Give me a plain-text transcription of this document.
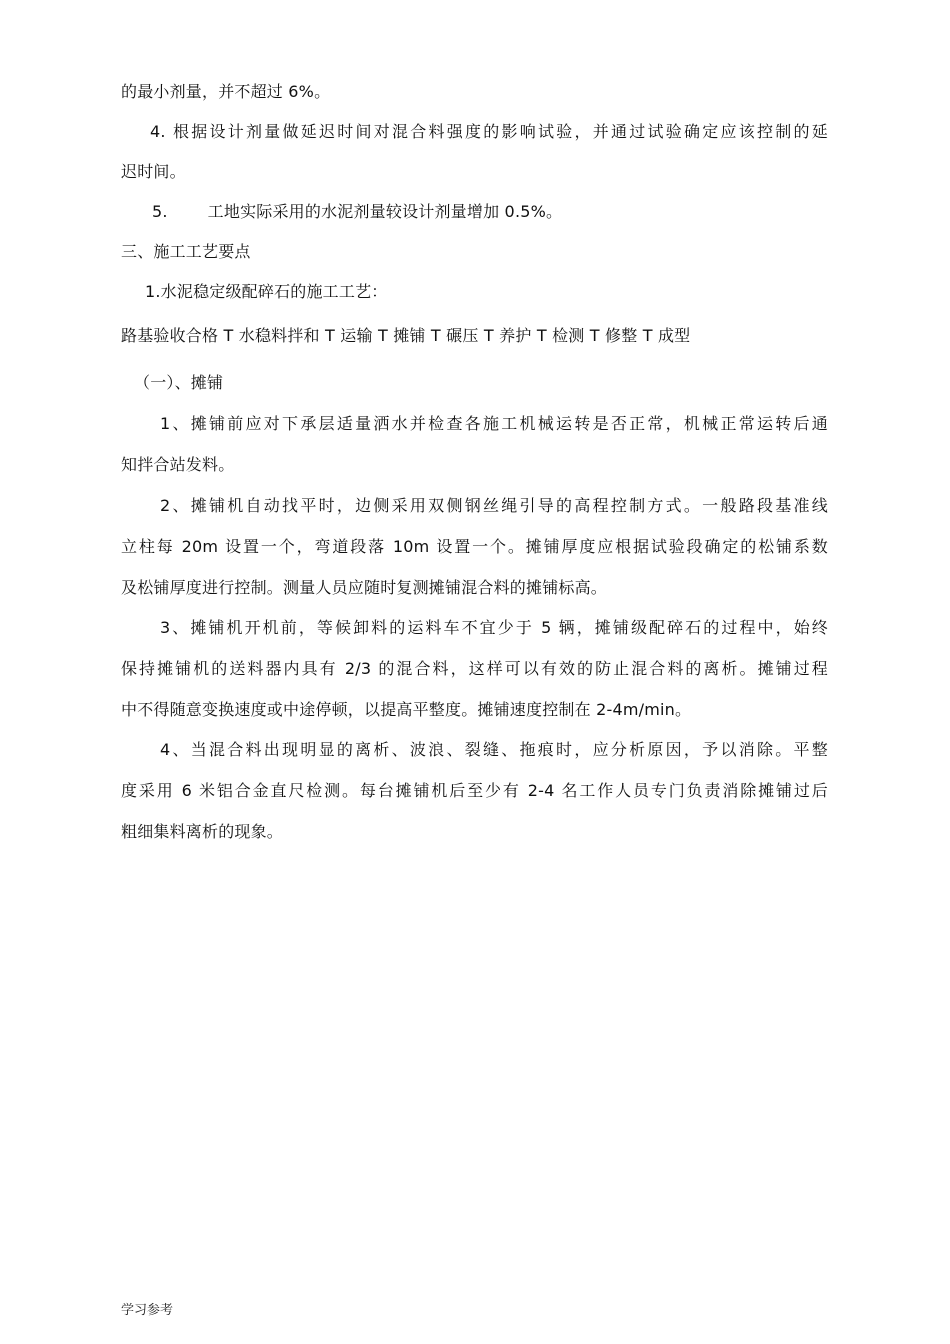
的最小剂量，并不超过 6%。
4. 根据设计剂量做延迟时间对混合料强度的影响试验，并通过试验确定应该控制的延
迟时间。
5.	工地实际采用的水泥剂量较设计剂量增加 0.5%。
三、施工工艺要点
1.水泥稳定级配碎石的施工工艺：
路基验收合格 T 水稳料拌和 T 运输 T 摊铺 T 碾压 T 养护 T 检测 T 修整 T 成型
（一）、摊铺
1、摊铺前应对下承层适量洒水并检查各施工机械运转是否正常，机械正常运转后通
知拌合站发料。
2、摊铺机自动找平时，边侧采用双侧钢丝绳引导的高程控制方式。一般路段基准线
立柱每 20m 设置一个，弯道段落 10m 设置一个。摊铺厚度应根据试验段确定的松铺系数
及松铺厚度进行控制。测量人员应随时复测摊铺混合料的摊铺标高。
3、摊铺机开机前，等候卸料的运料车不宜少于 5 辆，摊铺级配碎石的过程中，始终
保持摊铺机的送料器内具有 2/3 的混合料，这样可以有效的防止混合料的离析。摊铺过程
中不得随意变换速度或中途停顿，以提高平整度。摊铺速度控制在 2-4m/min。
4、当混合料出现明显的离析、波浪、裂缝、拖痕时，应分析原因，予以消除。平整
度采用 6 米铝合金直尺检测。每台摊铺机后至少有 2-4 名工作人员专门负责消除摊铺过后
粗细集料离析的现象。
学习参考
